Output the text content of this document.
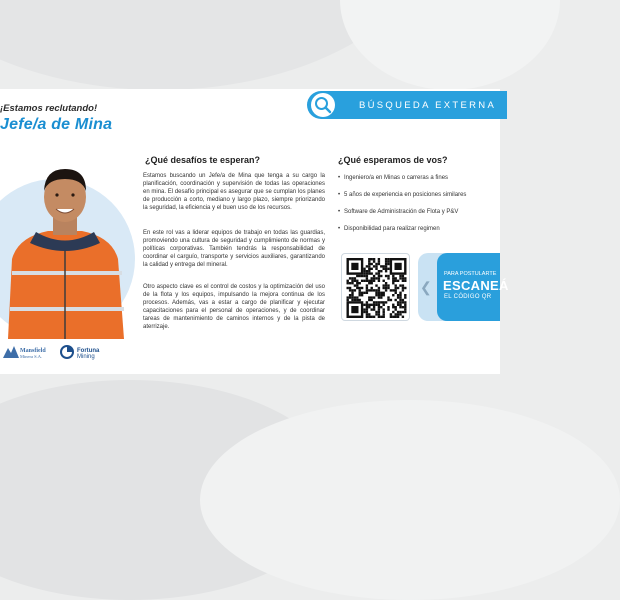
¡Estamos reclutando!
Jefe/a de Mina
BÚSQUEDA EXTERNA
¿Qué desafíos te esperan?

Estamos buscando un Jefe/a de Mina que tenga a su cargo la planificación, coordinación y supervisión de todas las operaciones en mina. El desafío principal es asegurar que se cumplan los planes de producción a corto, mediano y largo plazo, siempre priorizando la seguridad, la eficiencia y el buen uso de los recursos.

En este rol vas a liderar equipos de trabajo en todas las guardias, promoviendo una cultura de seguridad y cumplimiento de normas y políticas corporativas. También tendrás la responsabilidad de coordinar el carguío, transporte y servicios auxiliares, garantizando la calidad y entrega del mineral.

Otro aspecto clave es el control de costos y la optimización del uso de la flota y los equipos, impulsando la mejora continua de los procesos. Además, vas a estar a cargo de planificar y ejecutar capacitaciones para el personal de operaciones, y de coordinar tareas de mantenimiento de caminos internos y de la pista de aterrizaje.

¿Qué esperamos de vos?
• Ingeniero/a en Minas o carreras a fines
• 5 años de experiencia en posiciones similares
• Software de Administración de Flota y P&V
• Disponibilidad para realizar regimen
❮
PARA POSTULARTE
ESCANEÁ
EL CÓDIGO QR
Mansfield
Minera S.A.
Fortuna
Mining
